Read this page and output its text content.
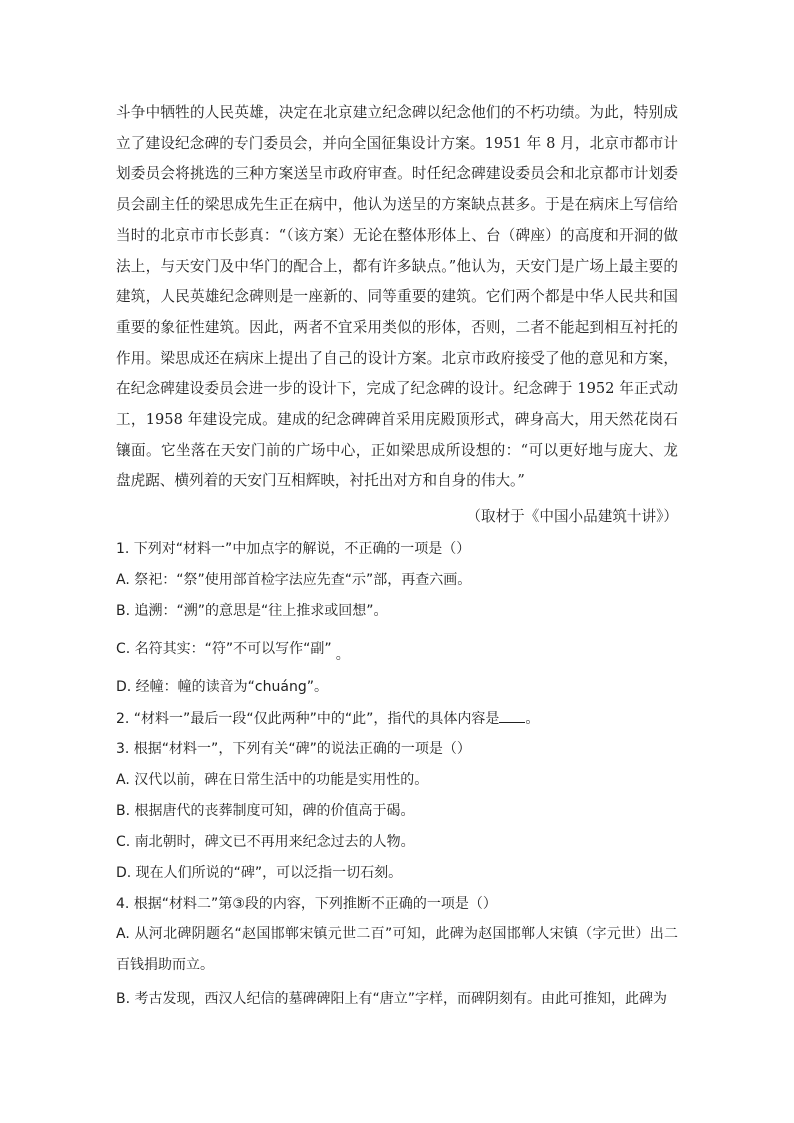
斗争中牺牲的人民英雄，决定在北京建立纪念碑以纪念他们的不朽功绩。为此，特别成立了建设纪念碑的专门委员会，并向全国征集设计方案。1951 年 8 月，北京市都市计划委员会将挑选的三种方案送呈市政府审查。时任纪念碑建设委员会和北京都市计划委员会副主任的梁思成先生正在病中，他认为送呈的方案缺点甚多。于是在病床上写信给当时的北京市市长彭真：“（该方案）无论在整体形体上、台（碑座）的高度和开洞的做法上，与天安门及中华门的配合上，都有许多缺点。”他认为，天安门是广场上最主要的建筑，人民英雄纪念碑则是一座新的、同等重要的建筑。它们两个都是中华人民共和国重要的象征性建筑。因此，两者不宜采用类似的形体，否则，二者不能起到相互衬托的作用。梁思成还在病床上提出了自己的设计方案。北京市政府接受了他的意见和方案，在纪念碑建设委员会进一步的设计下，完成了纪念碑的设计。纪念碑于 1952 年正式动工，1958 年建设完成。建成的纪念碑碑首采用庑殿顶形式，碑身高大，用天然花岗石镶面。它坐落在天安门前的广场中心，正如梁思成所设想的：“可以更好地与庞大、龙盘虎踞、横列着的天安门互相辉映，衬托出对方和自身的伟大。”

（取材于《中国小品建筑十讲》）

1. 下列对“材料一”中加点字的解说，不正确的一项是（）

A. 祭祀：“祭”使用部首检字法应先查“示”部，再查六画。

B. 追溯：“溯”的意思是“往上推求或回想”。

C. 名符其实：“符”不可以写作“副” 。

D. 经幢：幢的读音为“chuáng”。

2. “材料一”最后一段“仅此两种”中的“此”，指代的具体内容是 。

3. 根据“材料一”，下列有关“碑”的说法正确的一项是（）

A. 汉代以前，碑在日常生活中的功能是实用性的。

B. 根据唐代的丧葬制度可知，碑的价值高于碣。

C. 南北朝时，碑文已不再用来纪念过去的人物。

D. 现在人们所说的“碑”，可以泛指一切石刻。

4. 根据“材料二”第③段的内容，下列推断不正确的一项是（）

A. 从河北碑阴题名“赵国邯郸宋镇元世二百”可知，此碑为赵国邯郸人宋镇（字元世）出二百钱捐助而立。

B. 考古发现，西汉人纪信的墓碑碑阳上有“唐立”字样，而碑阴刻有。由此可推知，此碑为
